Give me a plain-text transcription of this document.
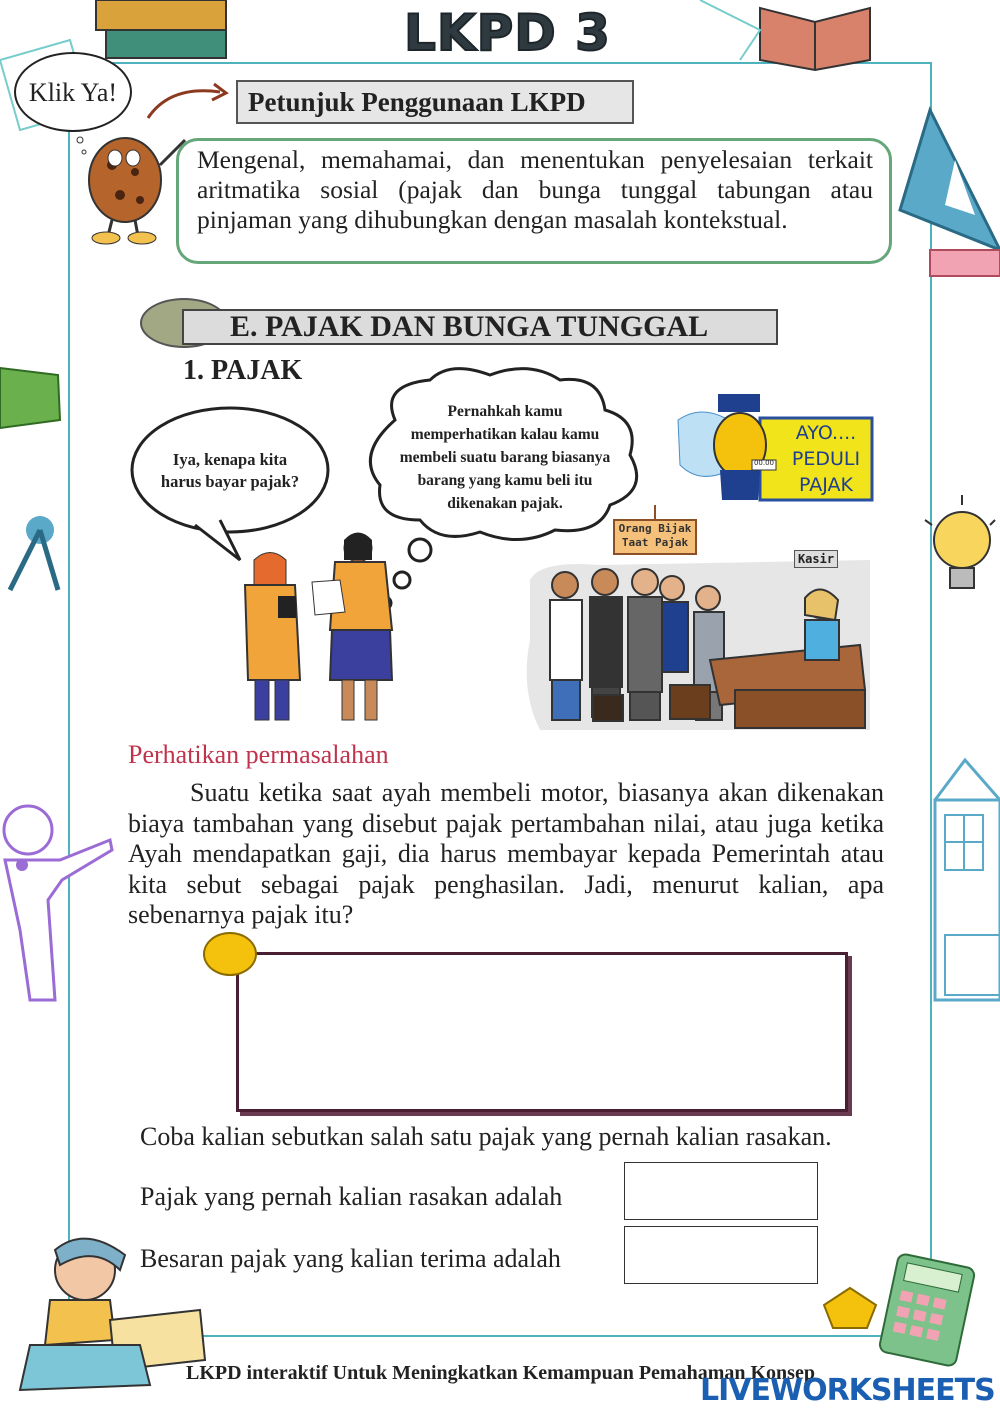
LKPD 3
Klik Ya!	Petunjuk Penggunaan LKPD
Mengenal, memahamai, dan menentukan penyelesaian terkait aritmatika sosial (pajak dan bunga tunggal tabungan atau pinjaman yang dihubungkan dengan masalah kontekstual.
E. PAJAK DAN BUNGA TUNGGAL
1. PAJAK
Iya, kenapa kita
harus bayar pajak?
Pernahkah kamu
memperhatikan kalau kamu
membeli suatu barang biasanya
barang yang kamu beli itu
dikenakan pajak.
AYO....
PEDULI
PAJAK
00.00
Orang Bijak
Taat Pajak
Kasir
Perhatikan permasalahan
Suatu ketika saat ayah membeli motor, biasanya akan dikenakan biaya tambahan yang disebut pajak pertambahan nilai, atau juga ketika Ayah mendapatkan gaji, dia harus membayar kepada Pemerintah atau kita sebut sebagai pajak penghasilan. Jadi, menurut kalian, apa sebenarnya pajak itu?
Coba kalian sebutkan salah satu pajak yang pernah kalian rasakan.
Pajak yang pernah kalian rasakan adalah
Besaran pajak yang kalian terima adalah
LKPD interaktif Untuk Meningkatkan Kemampuan Pemahaman Konsep
LIVEWORKSHEETS
